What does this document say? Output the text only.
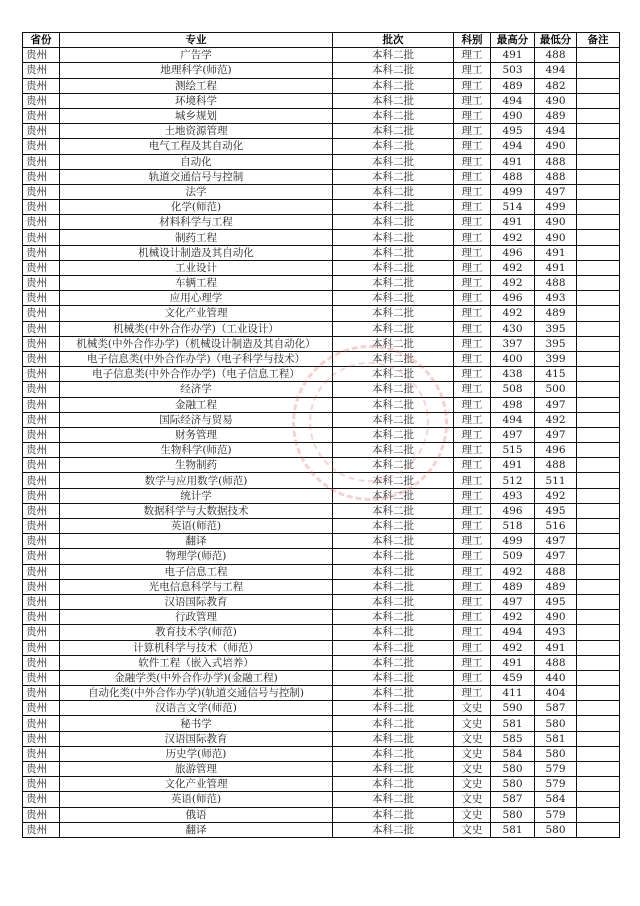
省份	专业	批次	科别	最高分	最低分	备注
贵州	广告学	本科二批	理工	491	488	
贵州	地理科学(师范)	本科二批	理工	503	494	
贵州	测绘工程	本科二批	理工	489	482	
贵州	环境科学	本科二批	理工	494	490	
贵州	城乡规划	本科二批	理工	490	489	
贵州	土地资源管理	本科二批	理工	495	494	
贵州	电气工程及其自动化	本科二批	理工	494	490	
贵州	自动化	本科二批	理工	491	488	
贵州	轨道交通信号与控制	本科二批	理工	488	488	
贵州	法学	本科二批	理工	499	497	
贵州	化学(师范)	本科二批	理工	514	499	
贵州	材料科学与工程	本科二批	理工	491	490	
贵州	制药工程	本科二批	理工	492	490	
贵州	机械设计制造及其自动化	本科二批	理工	496	491	
贵州	工业设计	本科二批	理工	492	491	
贵州	车辆工程	本科二批	理工	492	488	
贵州	应用心理学	本科二批	理工	496	493	
贵州	文化产业管理	本科二批	理工	492	489	
贵州	机械类(中外合作办学)（工业设计）	本科二批	理工	430	395	
贵州	机械类(中外合作办学)（机械设计制造及其自动化）	本科二批	理工	397	395	
贵州	电子信息类(中外合作办学)（电子科学与技术）	本科二批	理工	400	399	
贵州	电子信息类(中外合作办学)（电子信息工程）	本科二批	理工	438	415	
贵州	经济学	本科二批	理工	508	500	
贵州	金融工程	本科二批	理工	498	497	
贵州	国际经济与贸易	本科二批	理工	494	492	
贵州	财务管理	本科二批	理工	497	497	
贵州	生物科学(师范)	本科二批	理工	515	496	
贵州	生物制药	本科二批	理工	491	488	
贵州	数学与应用数学(师范)	本科二批	理工	512	511	
贵州	统计学	本科二批	理工	493	492	
贵州	数据科学与大数据技术	本科二批	理工	496	495	
贵州	英语(师范)	本科二批	理工	518	516	
贵州	翻译	本科二批	理工	499	497	
贵州	物理学(师范)	本科二批	理工	509	497	
贵州	电子信息工程	本科二批	理工	492	488	
贵州	光电信息科学与工程	本科二批	理工	489	489	
贵州	汉语国际教育	本科二批	理工	497	495	
贵州	行政管理	本科二批	理工	492	490	
贵州	教育技术学(师范)	本科二批	理工	494	493	
贵州	计算机科学与技术（师范）	本科二批	理工	492	491	
贵州	软件工程（嵌入式培养）	本科二批	理工	491	488	
贵州	金融学类(中外合作办学)(金融工程)	本科二批	理工	459	440	
贵州	自动化类(中外合作办学)(轨道交通信号与控制)	本科二批	理工	411	404	
贵州	汉语言文学(师范)	本科二批	文史	590	587	
贵州	秘书学	本科二批	文史	581	580	
贵州	汉语国际教育	本科二批	文史	585	581	
贵州	历史学(师范)	本科二批	文史	584	580	
贵州	旅游管理	本科二批	文史	580	579	
贵州	文化产业管理	本科二批	文史	580	579	
贵州	英语(师范)	本科二批	文史	587	584	
贵州	俄语	本科二批	文史	580	579	
贵州	翻译	本科二批	文史	581	580	
